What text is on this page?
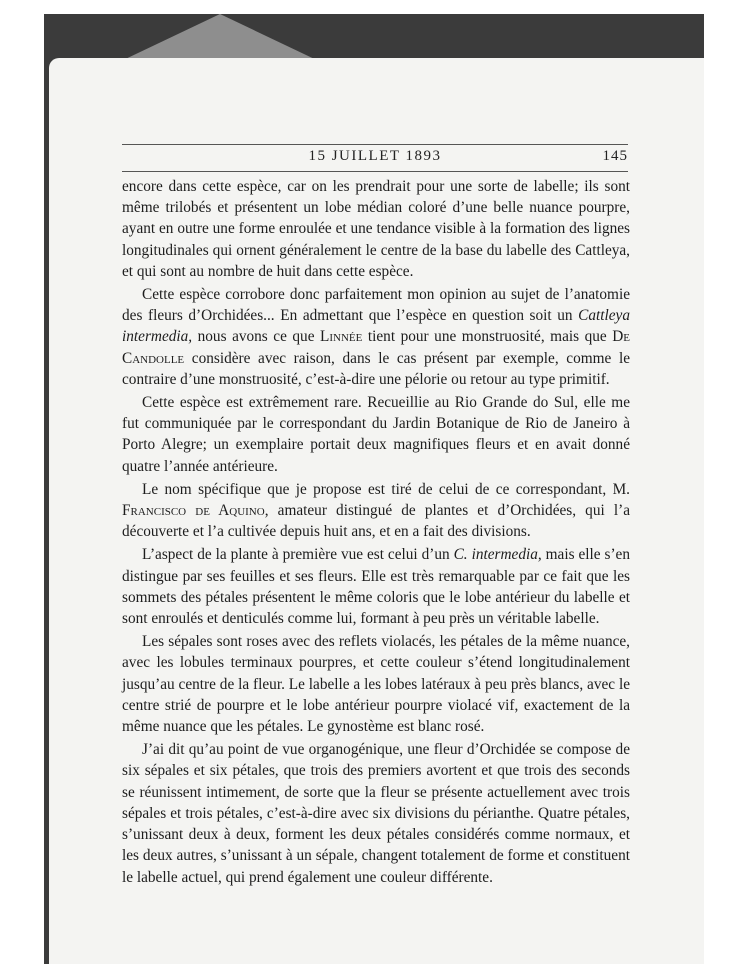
15 JUILLET 1893	145

encore dans cette espèce, car on les prendrait pour une sorte de labelle; ils sont même trilobés et présentent un lobe médian coloré d’une belle nuance pourpre, ayant en outre une forme enroulée et une tendance visible à la formation des lignes longitudinales qui ornent généralement le centre de la base du labelle des Cattleya, et qui sont au nombre de huit dans cette espèce.

Cette espèce corrobore donc parfaitement mon opinion au sujet de l’anatomie des fleurs d’Orchidées... En admettant que l’espèce en question soit un Cattleya intermedia, nous avons ce que Linnée tient pour une monstruosité, mais que De Candolle considère avec raison, dans le cas présent par exemple, comme le contraire d’une monstruosité, c’est-à-dire une pélorie ou retour au type primitif.

Cette espèce est extrêmement rare. Recueillie au Rio Grande do Sul, elle me fut communiquée par le correspondant du Jardin Botanique de Rio de Janeiro à Porto Alegre; un exemplaire portait deux magnifiques fleurs et en avait donné quatre l’année antérieure.

Le nom spécifique que je propose est tiré de celui de ce correspondant, M. Francisco de Aquino, amateur distingué de plantes et d’Orchidées, qui l’a découverte et l’a cultivée depuis huit ans, et en a fait des divisions.

L’aspect de la plante à première vue est celui d’un C. intermedia, mais elle s’en distingue par ses feuilles et ses fleurs. Elle est très remarquable par ce fait que les sommets des pétales présentent le même coloris que le lobe antérieur du labelle et sont enroulés et denticulés comme lui, formant à peu près un véritable labelle.

Les sépales sont roses avec des reflets violacés, les pétales de la même nuance, avec les lobules terminaux pourpres, et cette couleur s’étend longitudinalement jusqu’au centre de la fleur. Le labelle a les lobes latéraux à peu près blancs, avec le centre strié de pourpre et le lobe antérieur pourpre violacé vif, exactement de la même nuance que les pétales. Le gynostème est blanc rosé.

J’ai dit qu’au point de vue organogénique, une fleur d’Orchidée se compose de six sépales et six pétales, que trois des premiers avortent et que trois des seconds se réunissent intimement, de sorte que la fleur se présente actuellement avec trois sépales et trois pétales, c’est-à-dire avec six divisions du périanthe. Quatre pétales, s’unissant deux à deux, forment les deux pétales considérés comme normaux, et les deux autres, s’unissant à un sépale, changent totalement de forme et constituent le labelle actuel, qui prend également une couleur différente.
